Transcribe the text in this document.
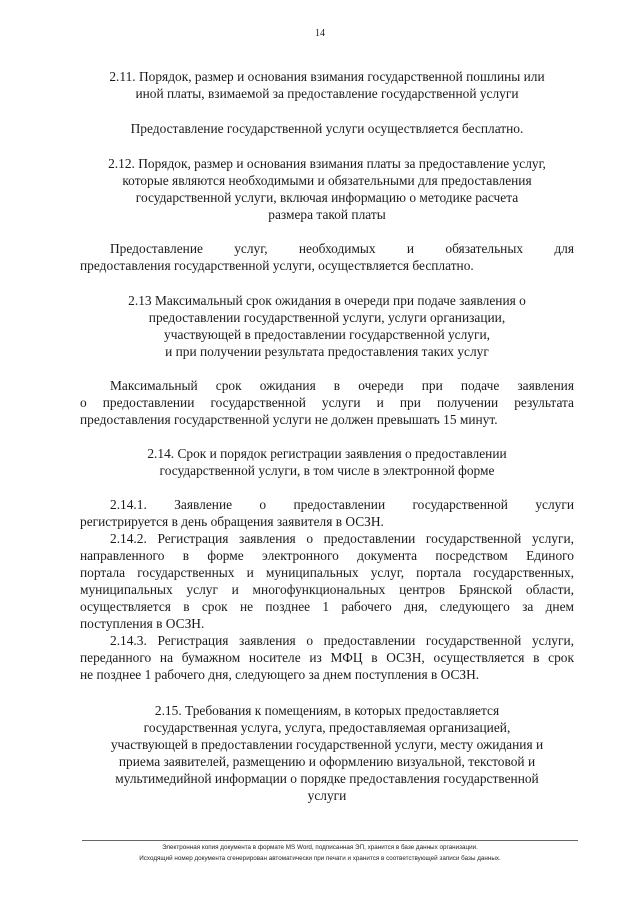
14
2.11. Порядок, размер и основания взимания государственной пошлины или
иной платы, взимаемой за предоставление государственной услуги
Предоставление государственной услуги осуществляется бесплатно.
2.12. Порядок, размер и основания взимания платы за предоставление услуг,
которые являются необходимыми и обязательными для предоставления
государственной услуги, включая информацию о методике расчета
размера такой платы
Предоставление услуг, необходимых и обязательных для
предоставления государственной услуги, осуществляется бесплатно.
2.13 Максимальный срок ожидания в очереди при подаче заявления о
предоставлении государственной услуги, услуги организации,
участвующей в предоставлении государственной услуги,
и при получении результата предоставления таких услуг
Максимальный срок ожидания в очереди при подаче заявления
о предоставлении государственной услуги и при получении результата
предоставления государственной услуги не должен превышать 15 минут.
2.14. Срок и порядок регистрации заявления о предоставлении
государственной услуги, в том числе в электронной форме
2.14.1. Заявление о предоставлении государственной услуги
регистрируется в день обращения заявителя в ОСЗН.
2.14.2. Регистрация заявления о предоставлении государственной услуги,
направленного в форме электронного документа посредством Единого
портала государственных и муниципальных услуг, портала государственных,
муниципальных услуг и многофункциональных центров Брянской области,
осуществляется в срок не позднее 1 рабочего дня, следующего за днем
поступления в ОСЗН.
2.14.3. Регистрация заявления о предоставлении государственной услуги,
переданного на бумажном носителе из МФЦ в ОСЗН, осуществляется в срок
не позднее 1 рабочего дня, следующего за днем поступления в ОСЗН.
2.15. Требования к помещениям, в которых предоставляется
государственная услуга, услуга, предоставляемая организацией,
участвующей в предоставлении государственной услуги, месту ожидания и
приема заявителей, размещению и оформлению визуальной, текстовой и
мультимедийной информации о порядке предоставления государственной
услуги
Электронная копия документа в формате MS Word, подписанная ЭП, хранится в базе данных организации.
Исходящий номер документа сгенерирован автоматически при печати и хранится в соответствующей записи базы данных.
